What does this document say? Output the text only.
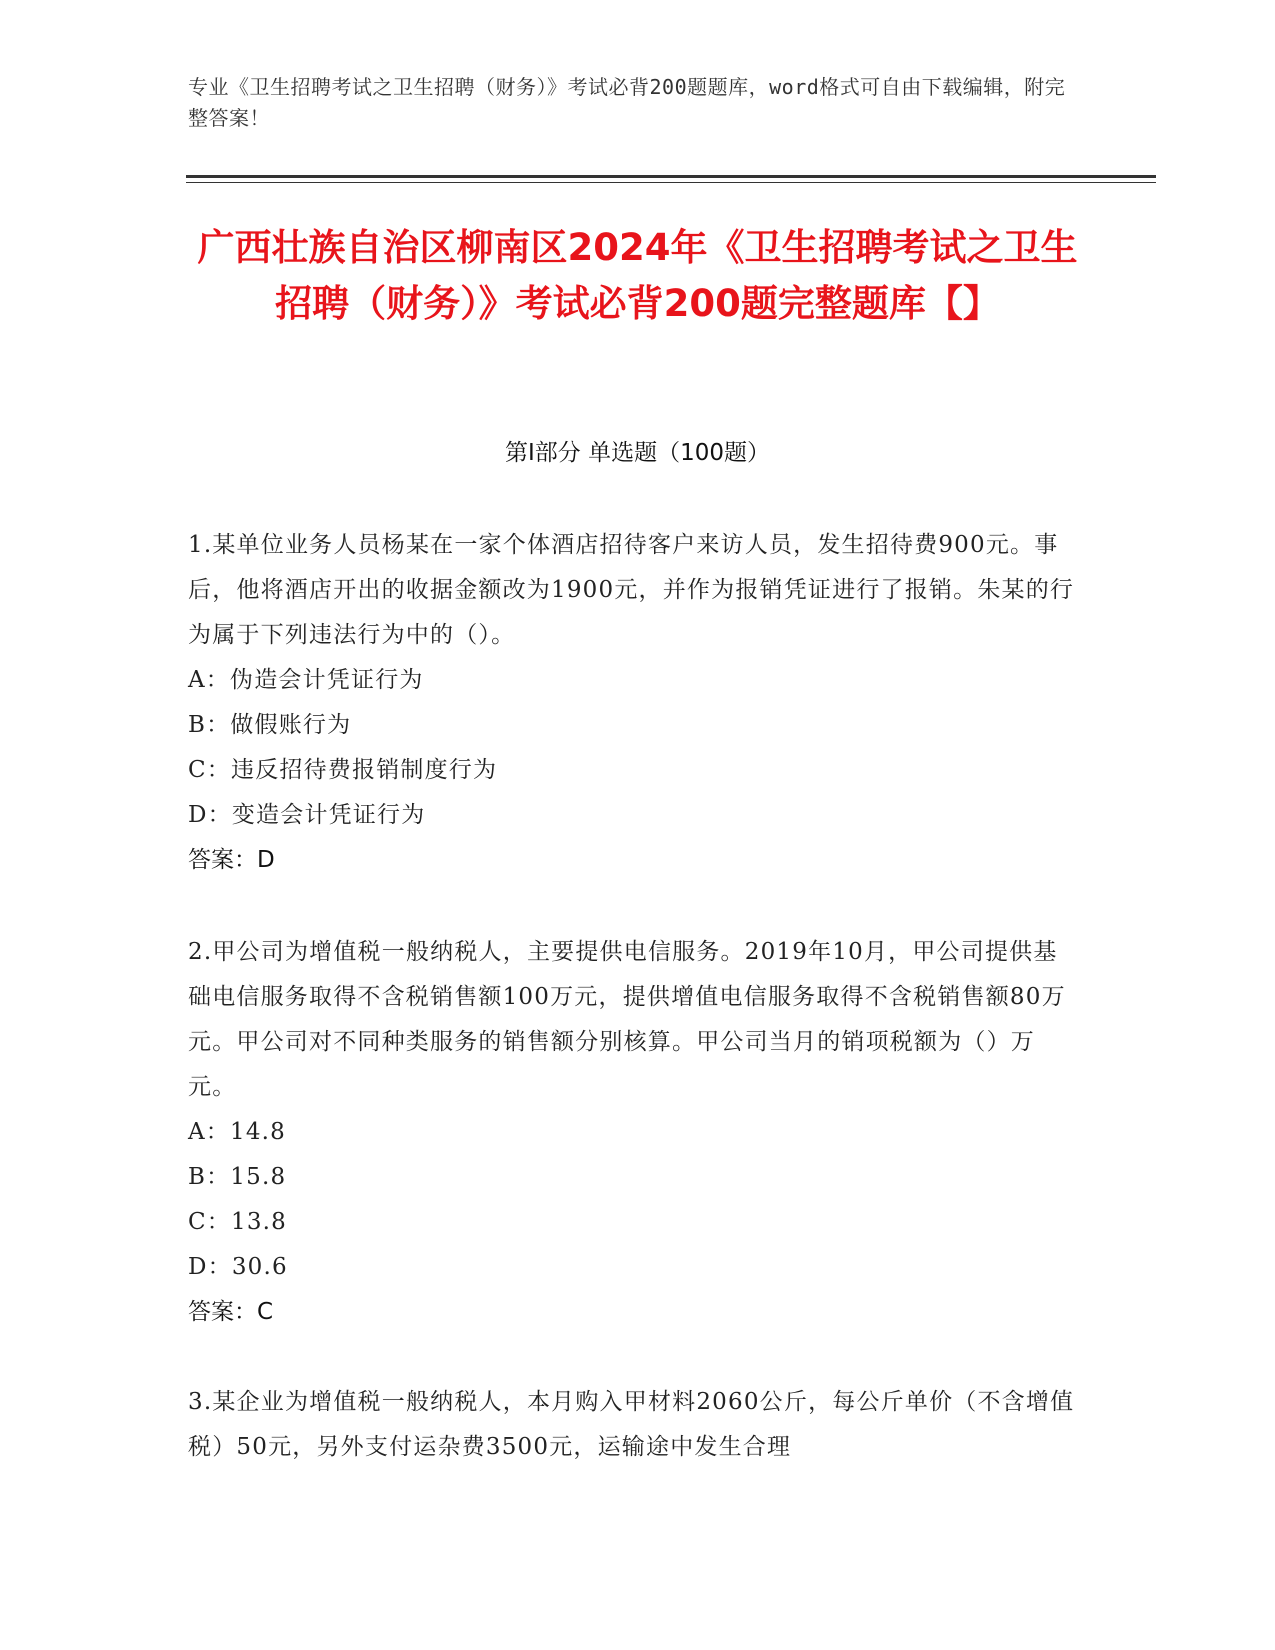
专业《卫生招聘考试之卫生招聘（财务）》考试必背200题题库，word格式可自由下载编辑，附完整答案！
广西壮族自治区柳南区2024年《卫生招聘考试之卫生招聘（财务）》考试必背200题完整题库【】
第Ⅰ部分 单选题（100题）

1.某单位业务人员杨某在一家个体酒店招待客户来访人员，发生招待费900元。事后，他将酒店开出的收据金额改为1900元，并作为报销凭证进行了报销。朱某的行为属于下列违法行为中的（）。

A：伪造会计凭证行为

B：做假账行为

C：违反招待费报销制度行为

D：变造会计凭证行为

答案：D

2.甲公司为增值税一般纳税人，主要提供电信服务。2019年10月，甲公司提供基础电信服务取得不含税销售额100万元，提供增值电信服务取得不含税销售额80万元。甲公司对不同种类服务的销售额分别核算。甲公司当月的销项税额为（）万元。

A：14.8

B：15.8

C：13.8

D：30.6

答案：C

3.某企业为增值税一般纳税人，本月购入甲材料2060公斤，每公斤单价（不含增值税）50元，另外支付运杂费3500元，运输途中发生合理
